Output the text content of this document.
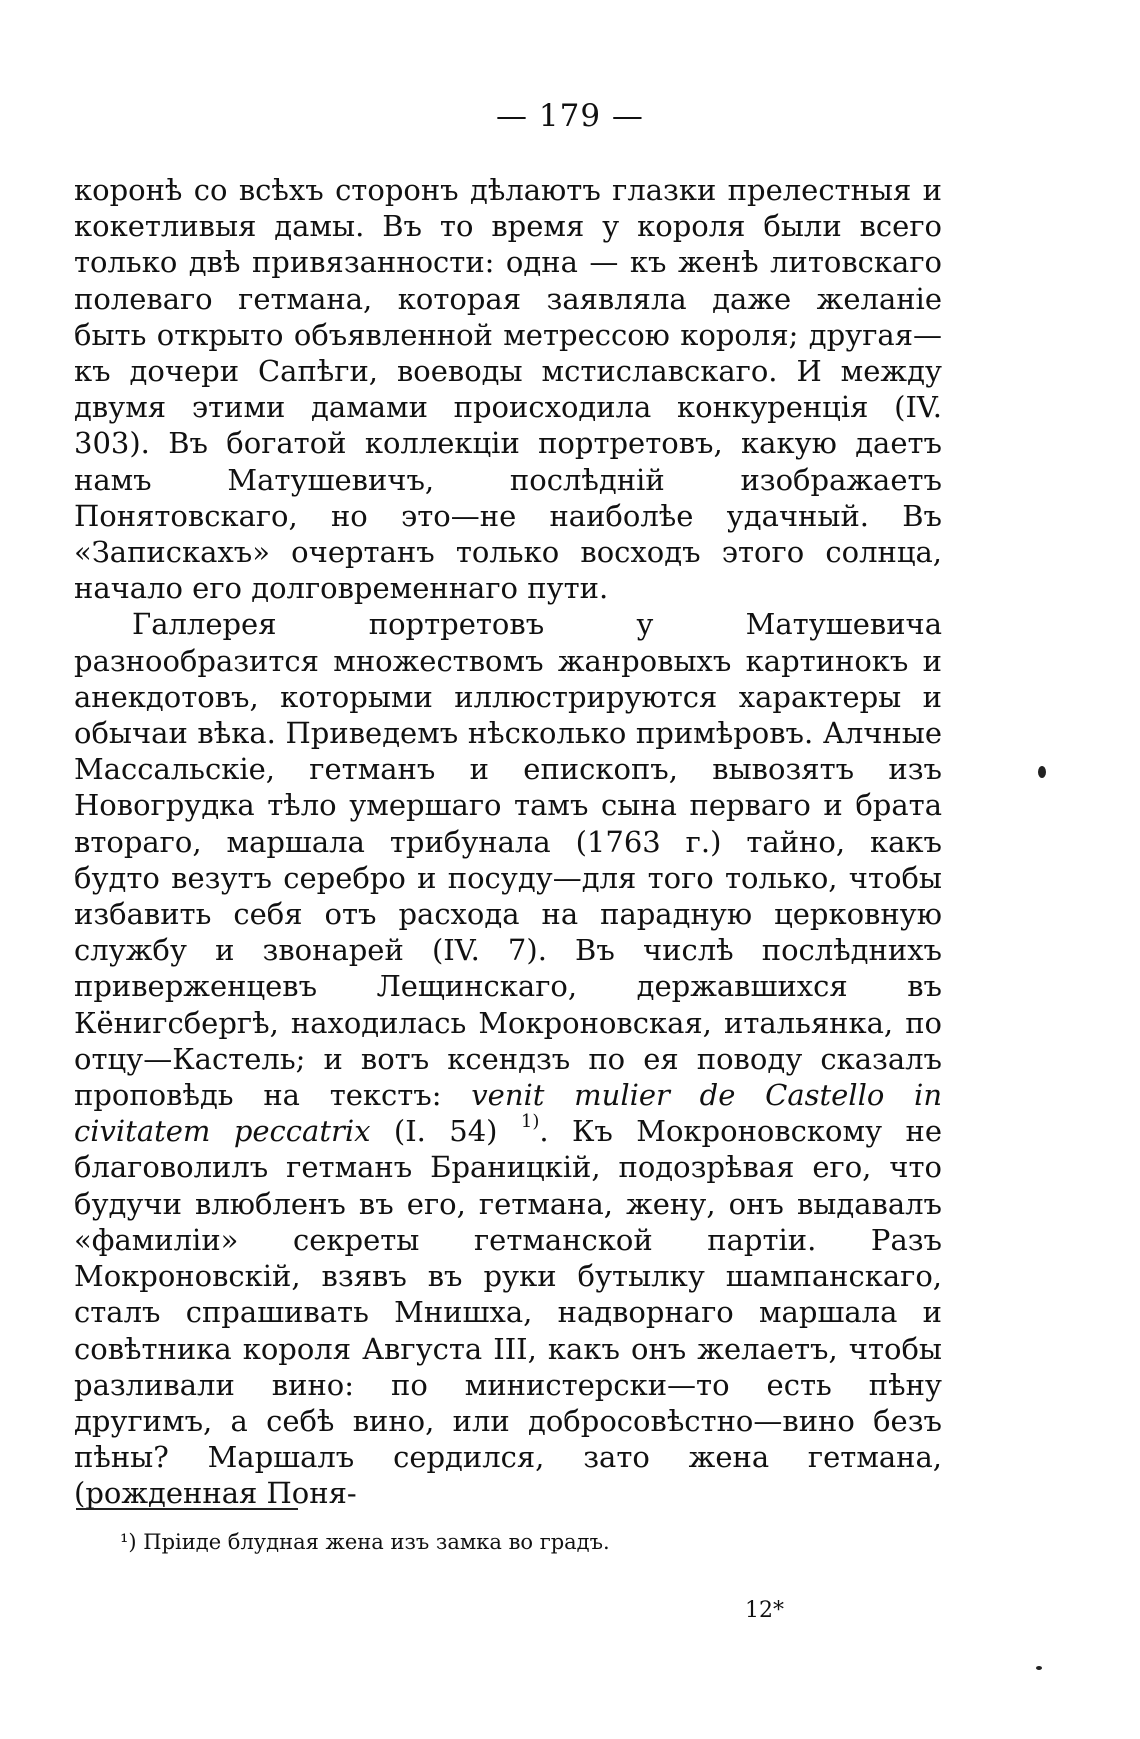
— 179 —

коронѣ со всѣхъ сторонъ дѣлаютъ глазки прелестныя и кокетливыя дамы. Въ то время у короля были всего только двѣ привязанности: одна — къ женѣ литовскаго полеваго гетмана, которая заявляла даже желаніе быть открыто объявленной метрессою короля; другая—къ дочери Сапѣги, воеводы мстиславскаго. И между двумя этими дамами происходила конкуренція (IV. 303). Въ богатой коллекціи портретовъ, какую даетъ намъ Матушевичъ, послѣдній изображаетъ Понятовскаго, но это—не наиболѣе удачный. Въ «Запискахъ» очертанъ только восходъ этого солнца, начало его долговременнаго пути.

Галлерея портретовъ у Матушевича разнообразится множествомъ жанровыхъ картинокъ и анекдотовъ, которыми иллюстрируются характеры и обычаи вѣка. Приведемъ нѣсколько примѣровъ. Алчные Массальскіе, гетманъ и епископъ, вывозятъ изъ Новогрудка тѣло умершаго тамъ сына перваго и брата втораго, маршала трибунала (1763 г.) тайно, какъ будто везутъ серебро и посуду—для того только, чтобы избавить себя отъ расхода на парадную церковную службу и звонарей (IV. 7). Въ числѣ послѣднихъ приверженцевъ Лещинскаго, державшихся въ Кёнигсбергѣ, находилась Мокроновская, итальянка, по отцу—Кастель; и вотъ ксендзъ по ея поводу сказалъ проповѣдь на текстъ: venit mulier de Castello in civitatem peccatrix (I. 54) $^{1)}$. Къ Мокроновскому не благоволилъ гетманъ Браницкій, подозрѣвая его, что будучи влюбленъ въ его, гетмана, жену, онъ выдавалъ «фамиліи» секреты гетманской партіи. Разъ Мокроновскій, взявъ въ руки бутылку шампанскаго, сталъ спрашивать Мнишха, надворнаго маршала и совѣтника короля Августа III, какъ онъ желаетъ, чтобы разливали вино: по министерски—то есть пѣну другимъ, а себѣ вино, или добросовѣстно—вино безъ пѣны? Маршалъ сердился, зато жена гетмана, (рожденная Поня-

¹) Пріиде блудная жена изъ замка во градъ.
12*
